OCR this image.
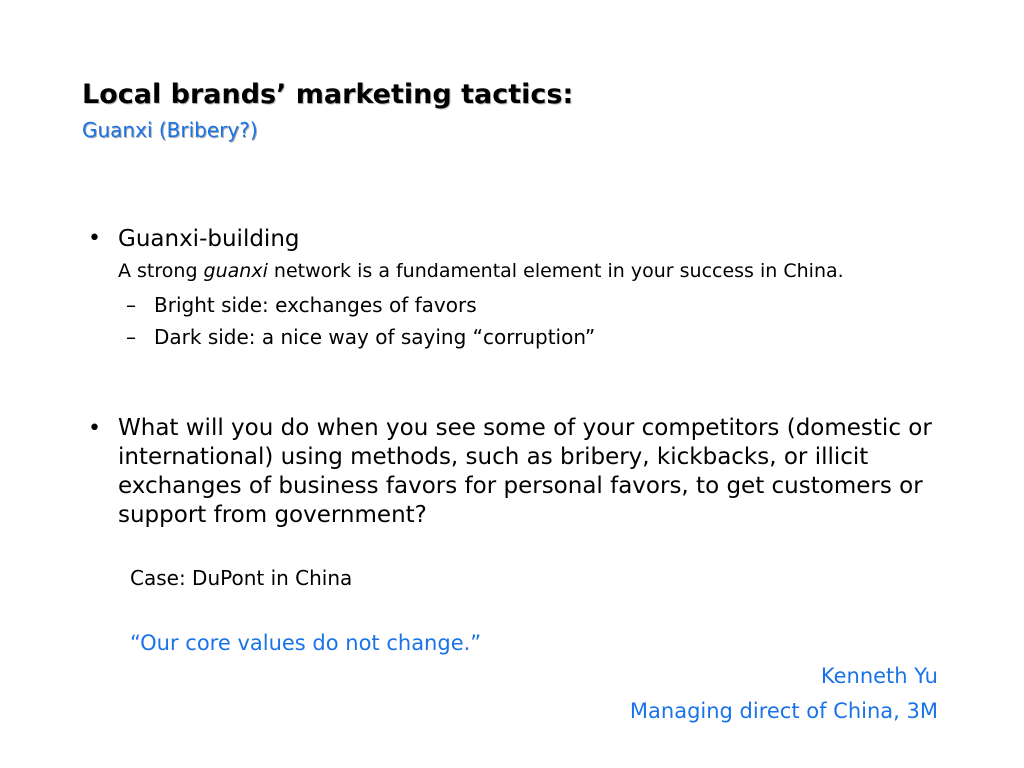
Local brands’ marketing tactics:
Guanxi (Bribery?)
• Guanxi-building
A strong guanxi network is a fundamental element in your success in China.
– Bright side: exchanges of favors
– Dark side: a nice way of saying “corruption”
• What will you do when you see some of your competitors (domestic or international) using methods, such as bribery, kickbacks, or illicit exchanges of business favors for personal favors, to get customers or support from government?
Case: DuPont in China
“Our core values do not change.”
Kenneth Yu
Managing direct of China, 3M
